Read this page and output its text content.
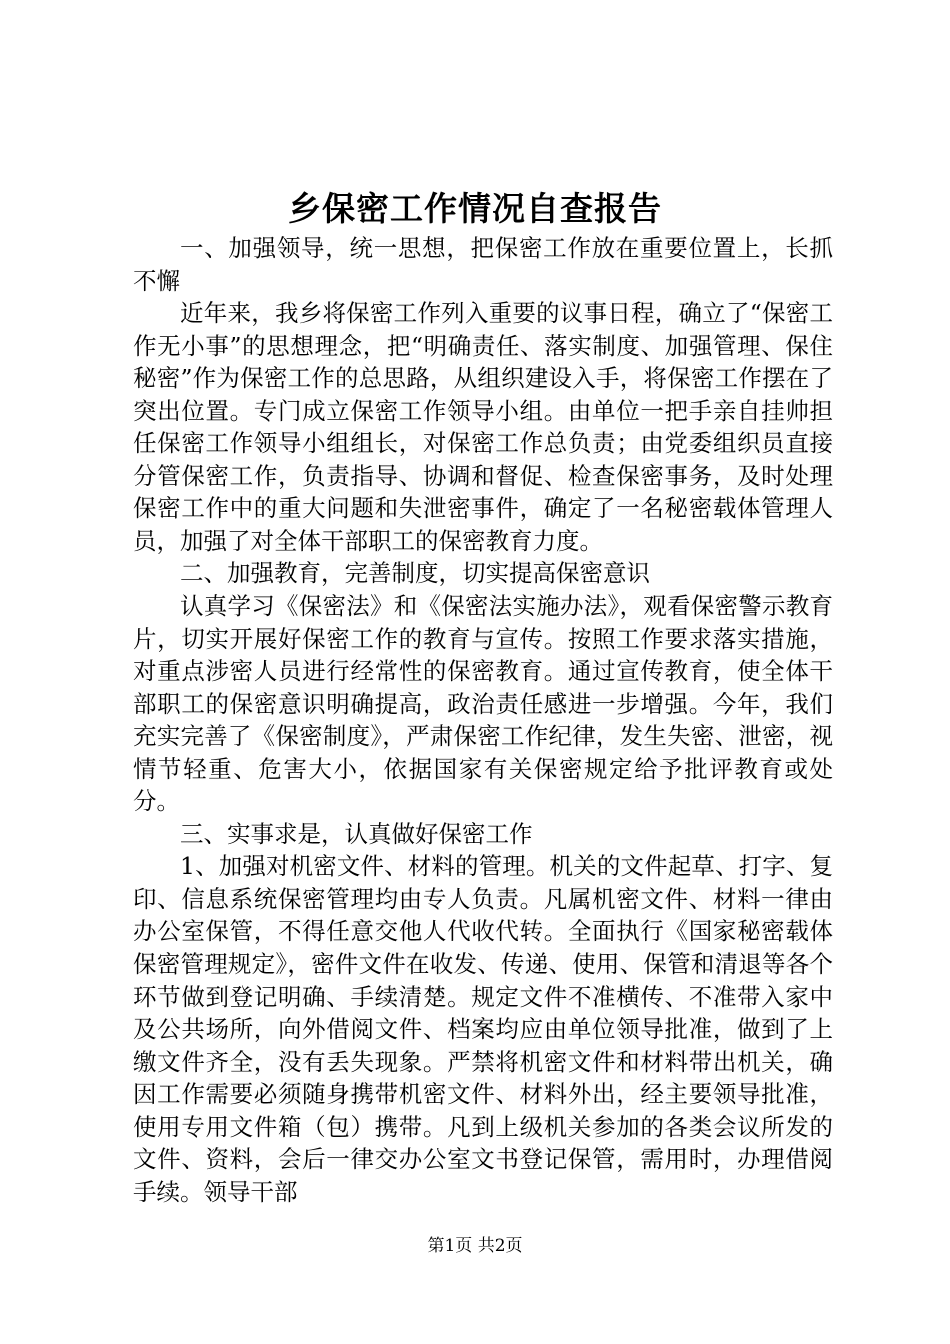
乡保密工作情况自查报告

一、加强领导，统一思想，把保密工作放在重要位置上，长抓不懈

近年来，我乡将保密工作列入重要的议事日程，确立了“保密工作无小事”的思想理念，把“明确责任、落实制度、加强管理、保住秘密”作为保密工作的总思路，从组织建设入手，将保密工作摆在了突出位置。专门成立保密工作领导小组。由单位一把手亲自挂帅担任保密工作领导小组组长，对保密工作总负责；由党委组织员直接分管保密工作，负责指导、协调和督促、检查保密事务，及时处理保密工作中的重大问题和失泄密事件，确定了一名秘密载体管理人员，加强了对全体干部职工的保密教育力度。

二、加强教育，完善制度，切实提高保密意识

认真学习《保密法》和《保密法实施办法》，观看保密警示教育片，切实开展好保密工作的教育与宣传。按照工作要求落实措施，对重点涉密人员进行经常性的保密教育。通过宣传教育，使全体干部职工的保密意识明确提高，政治责任感进一步增强。今年，我们充实完善了《保密制度》，严肃保密工作纪律，发生失密、泄密，视情节轻重、危害大小，依据国家有关保密规定给予批评教育或处分。

三、实事求是，认真做好保密工作

1、加强对机密文件、材料的管理。机关的文件起草、打字、复印、信息系统保密管理均由专人负责。凡属机密文件、材料一律由办公室保管，不得任意交他人代收代转。全面执行《国家秘密载体保密管理规定》，密件文件在收发、传递、使用、保管和清退等各个环节做到登记明确、手续清楚。规定文件不准横传、不准带入家中及公共场所，向外借阅文件、档案均应由单位领导批准，做到了上缴文件齐全，没有丢失现象。严禁将机密文件和材料带出机关，确因工作需要必须随身携带机密文件、材料外出，经主要领导批准，使用专用文件箱（包）携带。凡到上级机关参加的各类会议所发的文件、资料，会后一律交办公室文书登记保管，需用时，办理借阅手续。领导干部

第1页 共2页
